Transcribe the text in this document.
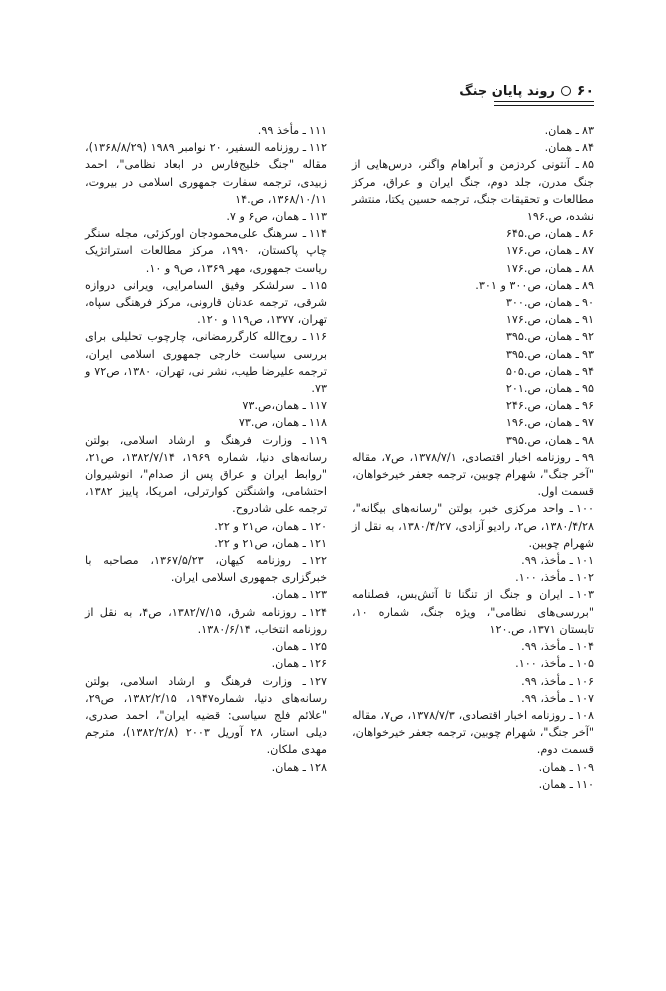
۶۰
روند پایان جنگ

۸۳ـ همان.

۸۴ـ همان.

۸۵ـ آنتونی کردزمن و آبراهام واگنر، درس‌هایی از جنگ مدرن، جلد دوم، جنگ ایران و عراق، مرکز مطالعات و تحقیقات جنگ، ترجمه حسین یکتا، منتشر نشده، ص.۱۹۶

۸۶ـ همان، ص.۶۴۵

۸۷ـ همان، ص.۱۷۶

۸۸ـ همان، ص.۱۷۶

۸۹ـ همان، ص۳۰۰ و ۳۰۱.

۹۰ـ همان، ص.۳۰۰

۹۱ـ همان، ص.۱۷۶

۹۲ـ همان، ص.۳۹۵

۹۳ـ همان، ص.۳۹۵

۹۴ـ همان، ص.۵۰۵

۹۵ـ همان، ص.۲۰۱

۹۶ـ همان، ص.۲۴۶

۹۷ـ همان، ص.۱۹۶

۹۸ـ همان، ص.۳۹۵

۹۹ـ روزنامه اخبار اقتصادی، ۱۳۷۸/۷/۱، ص۷، مقاله "آخر جنگ"، شهرام چوبین، ترجمه جعفر خیرخواهان، قسمت اول.

۱۰۰ـ واحد مرکزی خبر، بولتن "رسانه‌های بیگانه"، ۱۳۸۰/۴/۲۸، ص۲، رادیو آزادی، ۱۳۸۰/۴/۲۷، به نقل از شهرام چوبین.

۱۰۱ـ مأخذ، ۹۹.

۱۰۲ـ مأخذ، ۱۰۰.

۱۰۳ـ ایران و جنگ از تنگنا تا آتش‌بس، فصلنامه "بررسی‌های نظامی"، ویژه جنگ، شماره ۱۰، تابستان ۱۳۷۱، ص.۱۲۰

۱۰۴ـ مأخذ، ۹۹.

۱۰۵ـ مأخذ، ۱۰۰.

۱۰۶ـ مأخذ، ۹۹.

۱۰۷ـ مأخذ، ۹۹.

۱۰۸ـ روزنامه اخبار اقتصادی، ۱۳۷۸/۷/۳، ص۷، مقاله "آخر جنگ"، شهرام چوبین، ترجمه جعفر خیرخواهان، قسمت دوم.

۱۰۹ـ همان.

۱۱۰ـ همان.

۱۱۱ـ مأخذ ۹۹.

۱۱۲ـ روزنامه السفیر، ۲۰ نوامبر ۱۹۸۹ (۱۳۶۸/۸/۲۹)، مقاله "جنگ خلیج‌فارس در ابعاد نظامی"، احمد زبیدی، ترجمه سفارت جمهوری اسلامی در بیروت، ۱۳۶۸/۱۰/۱۱، ص.۱۴

۱۱۳ـ همان، ص۶ و ۷.

۱۱۴ـ سرهنگ علی‌محمودجان اورکزئی، مجله سنگر چاپ پاکستان، ۱۹۹۰، مرکز مطالعات استراتژیک ریاست جمهوری، مهر ۱۳۶۹، ص۹ و ۱۰.

۱۱۵ـ سرلشکر وفیق السامرایی، ویرانی دروازه شرقی، ترجمه عدنان قارونی، مرکز فرهنگی سپاه، تهران، ۱۳۷۷، ص۱۱۹ و ۱۲۰.

۱۱۶ـ روح‌الله کارگررمضانی، چارچوب تحلیلی برای بررسی سیاست خارجی جمهوری اسلامی ایران، ترجمه علیرضا طیب، نشر نی، تهران، ۱۳۸۰، ص۷۲ و ۷۳.

۱۱۷ـ همان،ص.۷۳

۱۱۸ـ همان، ص.۷۳

۱۱۹ـ وزارت فرهنگ و ارشاد اسلامی، بولتن رسانه‌های دنیا، شماره ۱۹۶۹، ۱۳۸۲/۷/۱۴، ص۲۱، "روابط ایران و عراق پس از صدام"، انوشیروان احتشامی، واشنگتن کوارترلی، امریکا، پاییز ۱۳۸۲، ترجمه علی شادروح.

۱۲۰ـ همان، ص۲۱ و ۲۲.

۱۲۱ـ همان، ص۲۱ و ۲۲.

۱۲۲ـ روزنامه کیهان، ۱۳۶۷/۵/۲۳، مصاحبه با خبرگزاری جمهوری اسلامی ایران.

۱۲۳ـ همان.

۱۲۴ـ روزنامه شرق، ۱۳۸۲/۷/۱۵، ص۴، به نقل از روزنامه انتخاب، ۱۳۸۰/۶/۱۴.

۱۲۵ـ همان.

۱۲۶ـ همان.

۱۲۷ـ وزارت فرهنگ و ارشاد اسلامی، بولتن رسانه‌های دنیا، شماره۱۹۴۷، ۱۳۸۲/۲/۱۵، ص۲۹، "علائم فلج سیاسی: قضیه ایران"، احمد صدری، دیلی استار، ۲۸ آوریل ۲۰۰۳ (۱۳۸۲/۲/۸)، مترجم مهدی ملکان.

۱۲۸ـ همان.
